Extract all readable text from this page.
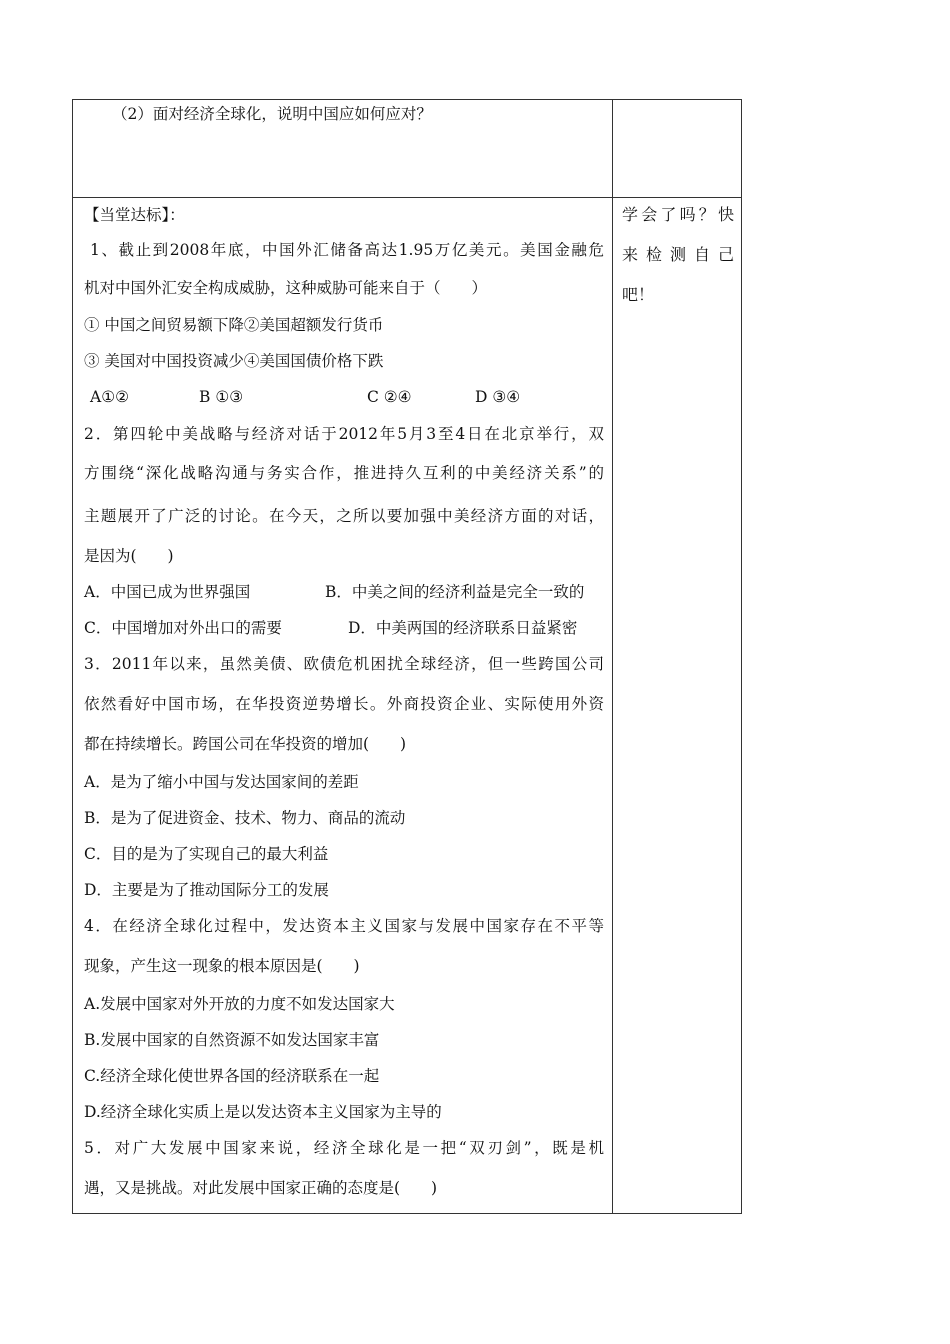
（2）面对经济全球化，说明中国应如何应对？
【当堂达标】：
1、截止到2008年底，中国外汇储备高达1.95万亿美元。美国金融危
机对中国外汇安全构成威胁，这种威胁可能来自于（　　）
① 中国之间贸易额下降②美国超额发行货币
③ 美国对中国投资减少④美国国债价格下跌
A①②	B ①③	C ②④	D ③④
2．第四轮中美战略与经济对话于2012年5月3至4日在北京举行，双
方围绕“深化战略沟通与务实合作，推进持久互利的中美经济关系”的
主题展开了广泛的讨论。在今天，之所以要加强中美经济方面的对话，
是因为(　　)
A．中国已成为世界强国	B．中美之间的经济利益是完全一致的
C．中国增加对外出口的需要	D．中美两国的经济联系日益紧密
3．2011年以来，虽然美债、欧债危机困扰全球经济，但一些跨国公司
依然看好中国市场，在华投资逆势增长。外商投资企业、实际使用外资
都在持续增长。跨国公司在华投资的增加(　　)
A．是为了缩小中国与发达国家间的差距
B．是为了促进资金、技术、物力、商品的流动
C．目的是为了实现自己的最大利益
D．主要是为了推动国际分工的发展
4．在经济全球化过程中，发达资本主义国家与发展中国家存在不平等
现象，产生这一现象的根本原因是(　　)
A.发展中国家对外开放的力度不如发达国家大
B.发展中国家的自然资源不如发达国家丰富
C.经济全球化使世界各国的经济联系在一起
D.经济全球化实质上是以发达资本主义国家为主导的
5．对广大发展中国家来说，经济全球化是一把“双刃剑”，既是机
遇，又是挑战。对此发展中国家正确的态度是(　　)
学会了吗？快
来检测自己
吧！
